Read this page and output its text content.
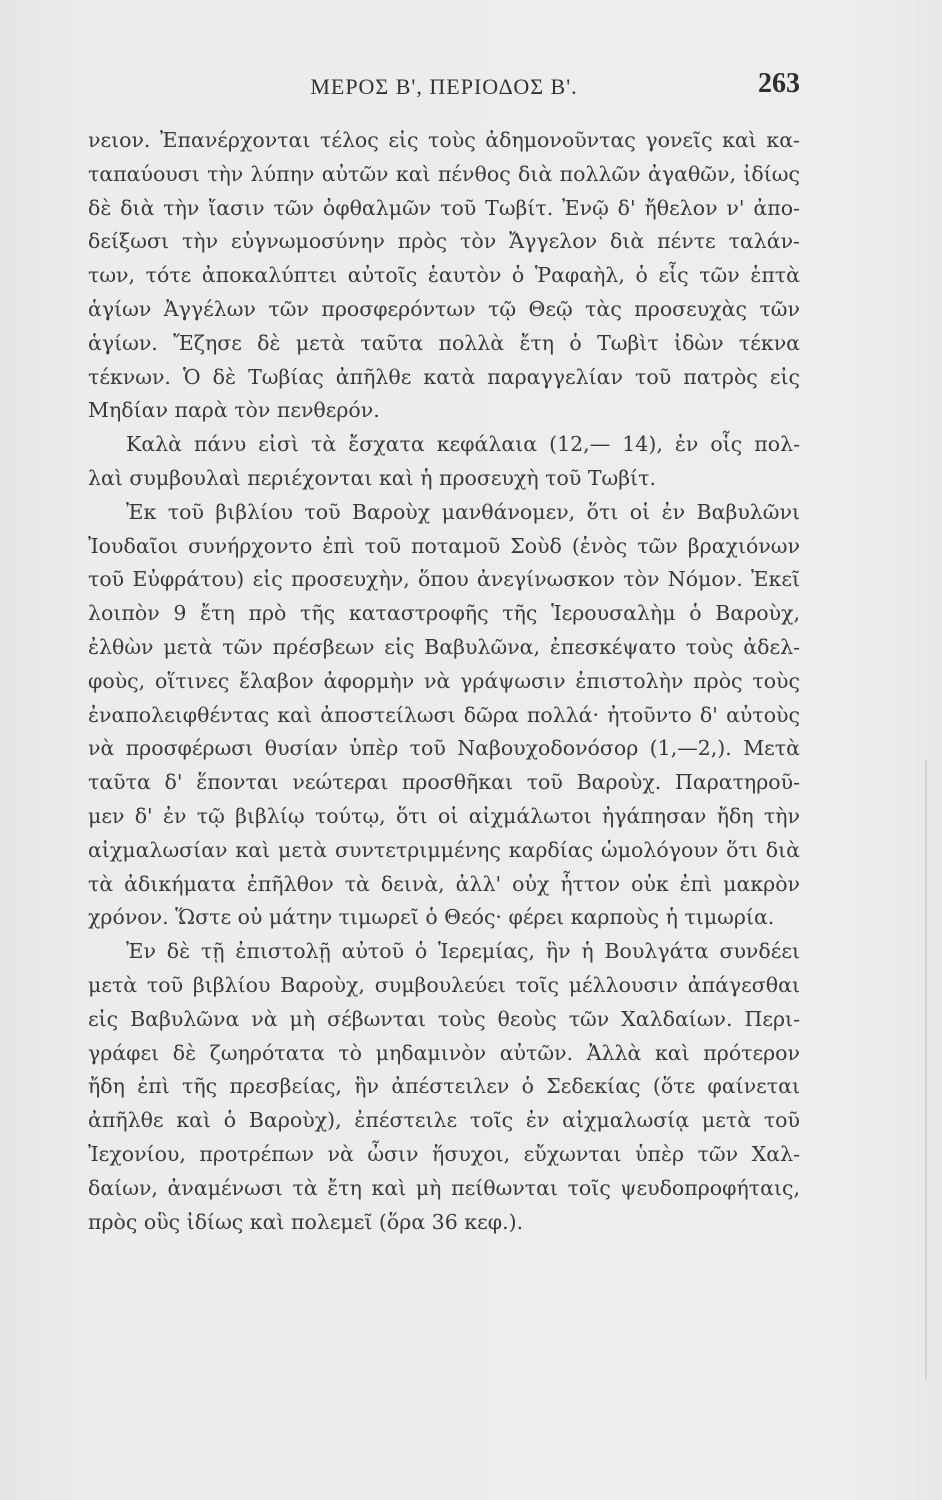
ΜΕΡΟΣ Β', ΠΕΡΙΟΔΟΣ Β'.	263
νειον. Ἐπανέρχονται τέλος εἰς τοὺς ἀδημονοῦντας γονεῖς καὶ κα-
ταπαύουσι τὴν λύπην αὐτῶν καὶ πένθος διὰ πολλῶν ἀγαθῶν, ἰδίως
δὲ διὰ τὴν ἴασιν τῶν ὀφθαλμῶν τοῦ Τωβίτ. Ἐνῷ δ' ἤθελον ν' ἀπο-
δείξωσι τὴν εὐγνωμοσύνην πρὸς τὸν Ἄγγελον διὰ πέντε ταλάν-
των, τότε ἀποκαλύπτει αὐτοῖς ἑαυτὸν ὁ Ῥαφαὴλ, ὁ εἷς τῶν ἑπτὰ
ἁγίων Ἀγγέλων τῶν προσφερόντων τῷ Θεῷ τὰς προσευχὰς τῶν
ἁγίων. Ἔζησε δὲ μετὰ ταῦτα πολλὰ ἔτη ὁ Τωβὶτ ἰδὼν τέκνα
τέκνων. Ὁ δὲ Τωβίας ἀπῆλθε κατὰ παραγγελίαν τοῦ πατρὸς εἰς
Μηδίαν παρὰ τὸν πενθερόν.
Καλὰ πάνυ εἰσὶ τὰ ἔσχατα κεφάλαια (12,— 14), ἐν οἷς πολ-
λαὶ συμβουλαὶ περιέχονται καὶ ἡ προσευχὴ τοῦ Τωβίτ.
Ἐκ τοῦ βιβλίου τοῦ Βαροὺχ μανθάνομεν, ὅτι οἱ ἐν Βαβυλῶνι
Ἰουδαῖοι συνήρχοντο ἐπὶ τοῦ ποταμοῦ Σοὺδ (ἑνὸς τῶν βραχιόνων
τοῦ Εὐφράτου) εἰς προσευχὴν, ὅπου ἀνεγίνωσκον τὸν Νόμον. Ἐκεῖ
λοιπὸν 9 ἔτη πρὸ τῆς καταστροφῆς τῆς Ἱερουσαλὴμ ὁ Βαροὺχ,
ἐλθὼν μετὰ τῶν πρέσβεων εἰς Βαβυλῶνα, ἐπεσκέψατο τοὺς ἀδελ-
φοὺς, οἵτινες ἔλαβον ἀφορμὴν νὰ γράψωσιν ἐπιστολὴν πρὸς τοὺς
ἐναπολειφθέντας καὶ ἀποστείλωσι δῶρα πολλά· ἠτοῦντο δ' αὐτοὺς
νὰ προσφέρωσι θυσίαν ὑπὲρ τοῦ Ναβουχοδονόσορ (1,—2,). Μετὰ
ταῦτα δ' ἕπονται νεώτεραι προσθῆκαι τοῦ Βαροὺχ. Παρατηροῦ-
μεν δ' ἐν τῷ βιβλίῳ τούτῳ, ὅτι οἱ αἰχμάλωτοι ἠγάπησαν ἤδη τὴν
αἰχμαλωσίαν καὶ μετὰ συντετριμμένης καρδίας ὡμολόγουν ὅτι διὰ
τὰ ἀδικήματα ἐπῆλθον τὰ δεινὰ, ἀλλ' οὐχ ἧττον οὐκ ἐπὶ μακρὸν
χρόνον. Ὥστε οὐ μάτην τιμωρεῖ ὁ Θεός· φέρει καρποὺς ἡ τιμωρία.
Ἐν δὲ τῇ ἐπιστολῇ αὐτοῦ ὁ Ἱερεμίας, ἣν ἡ Βουλγάτα συνδέει
μετὰ τοῦ βιβλίου Βαροὺχ, συμβουλεύει τοῖς μέλλουσιν ἀπάγεσθαι
εἰς Βαβυλῶνα νὰ μὴ σέβωνται τοὺς θεοὺς τῶν Χαλδαίων. Περι-
γράφει δὲ ζωηρότατα τὸ μηδαμινὸν αὐτῶν. Ἀλλὰ καὶ πρότερον
ἤδη ἐπὶ τῆς πρεσβείας, ἣν ἀπέστειλεν ὁ Σεδεκίας (ὅτε φαίνεται
ἀπῆλθε καὶ ὁ Βαροὺχ), ἐπέστειλε τοῖς ἐν αἰχμαλωσίᾳ μετὰ τοῦ
Ἰεχονίου, προτρέπων νὰ ὦσιν ἥσυχοι, εὔχωνται ὑπὲρ τῶν Χαλ-
δαίων, ἀναμένωσι τὰ ἔτη καὶ μὴ πείθωνται τοῖς ψευδοπροφήταις,
πρὸς οὓς ἰδίως καὶ πολεμεῖ (ὅρα 36 κεφ.).
